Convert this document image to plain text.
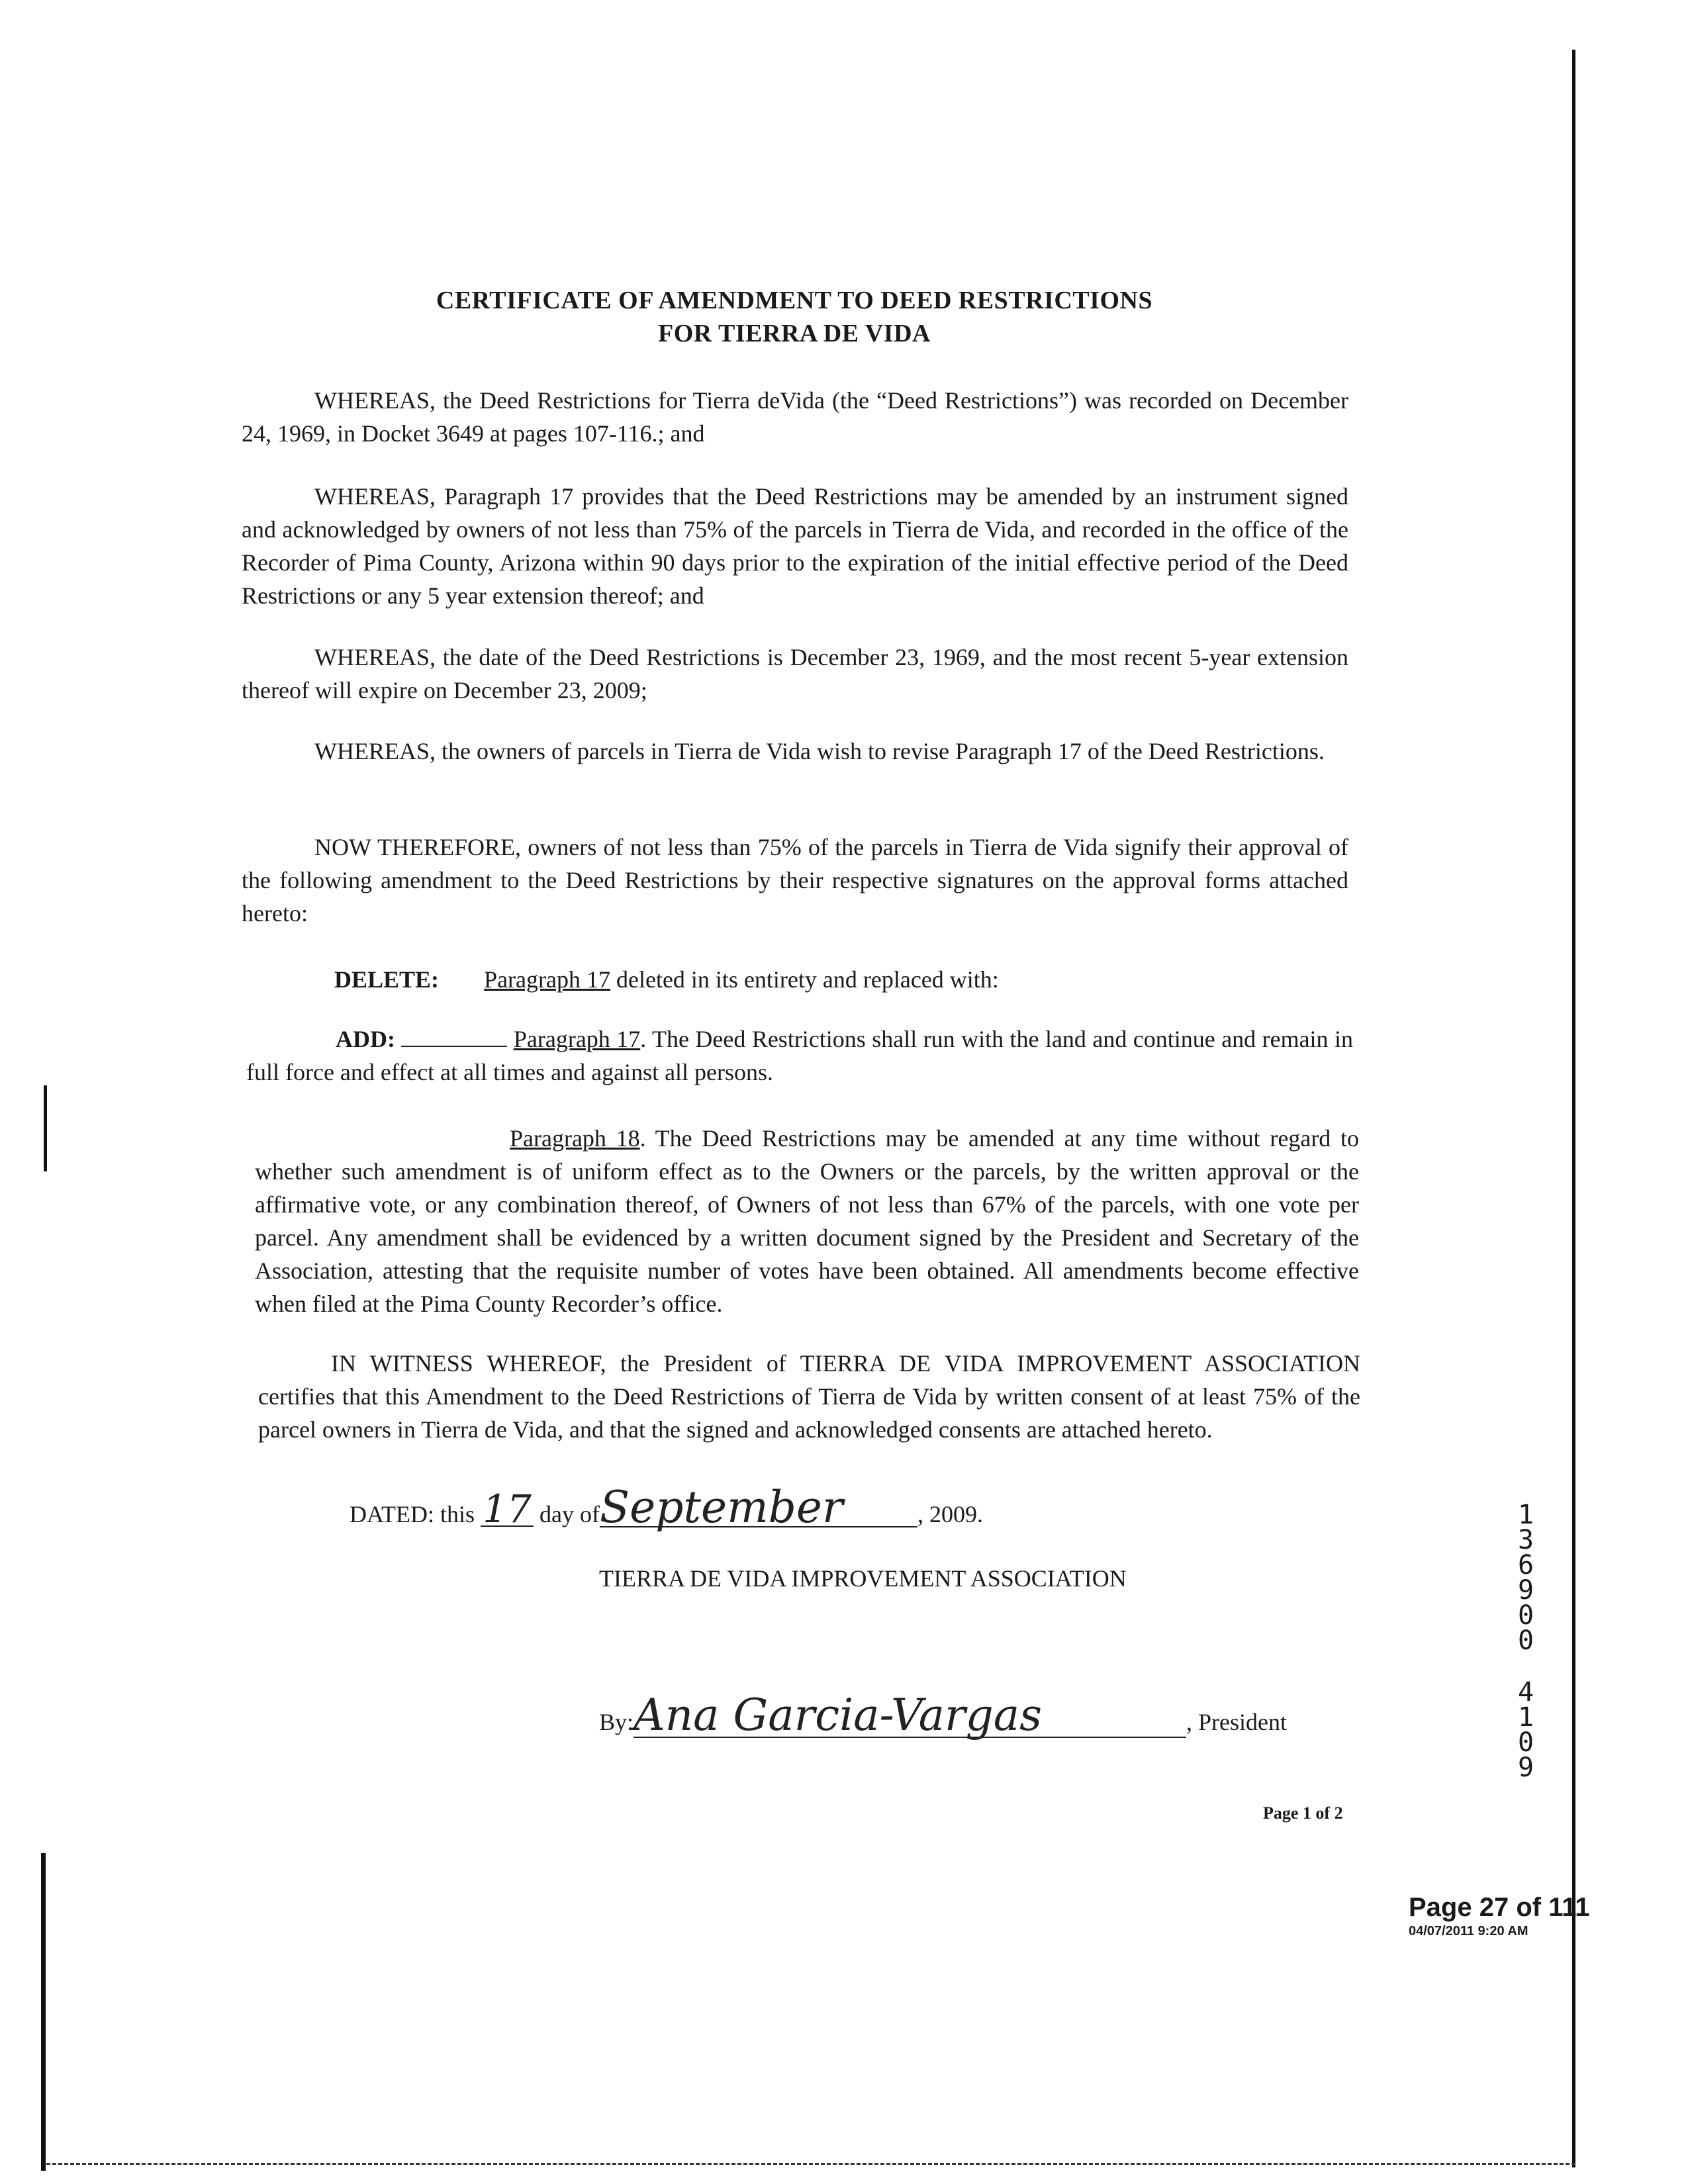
CERTIFICATE OF AMENDMENT TO DEED RESTRICTIONS
FOR TIERRA DE VIDA
WHEREAS, the Deed Restrictions for Tierra deVida (the “Deed Restrictions”) was recorded on December 24, 1969, in Docket 3649 at pages 107-116.; and
WHEREAS, Paragraph 17 provides that the Deed Restrictions may be amended by an instrument signed and acknowledged by owners of not less than 75% of the parcels in Tierra de Vida, and recorded in the office of the Recorder of Pima County, Arizona within 90 days prior to the expiration of the initial effective period of the Deed Restrictions or any 5 year extension thereof; and
WHEREAS, the date of the Deed Restrictions is December 23, 1969, and the most recent 5-year extension thereof will expire on December 23, 2009;
WHEREAS, the owners of parcels in Tierra de Vida wish to revise Paragraph 17 of the Deed Restrictions.
NOW THEREFORE, owners of not less than 75% of the parcels in Tierra de Vida signify their approval of the following amendment to the Deed Restrictions by their respective signatures on the approval forms attached hereto:
DELETE: Paragraph 17 deleted in its entirety and replaced with:
ADD:	Paragraph 17. The Deed Restrictions shall run with the land and continue and remain in full force and effect at all times and against all persons.
Paragraph 18. The Deed Restrictions may be amended at any time without regard to whether such amendment is of uniform effect as to the Owners or the parcels, by the written approval or the affirmative vote, or any combination thereof, of Owners of not less than 67% of the parcels, with one vote per parcel. Any amendment shall be evidenced by a written document signed by the President and Secretary of the Association, attesting that the requisite number of votes have been obtained. All amendments become effective when filed at the Pima County Recorder’s office.
IN WITNESS WHEREOF, the President of TIERRA DE VIDA IMPROVEMENT ASSOCIATION certifies that this Amendment to the Deed Restrictions of Tierra de Vida by written consent of at least 75% of the parcel owners in Tierra de Vida, and that the signed and acknowledged consents are attached hereto.
DATED: this 17 day ofSeptember	, 2009.
TIERRA DE VIDA IMPROVEMENT ASSOCIATION
By:Ana Garcia-Vargas	, President
Page 1 of 2
1
3
6
9
0
0
4
1
0
9
Page 27 of 111
04/07/2011 9:20 AM
